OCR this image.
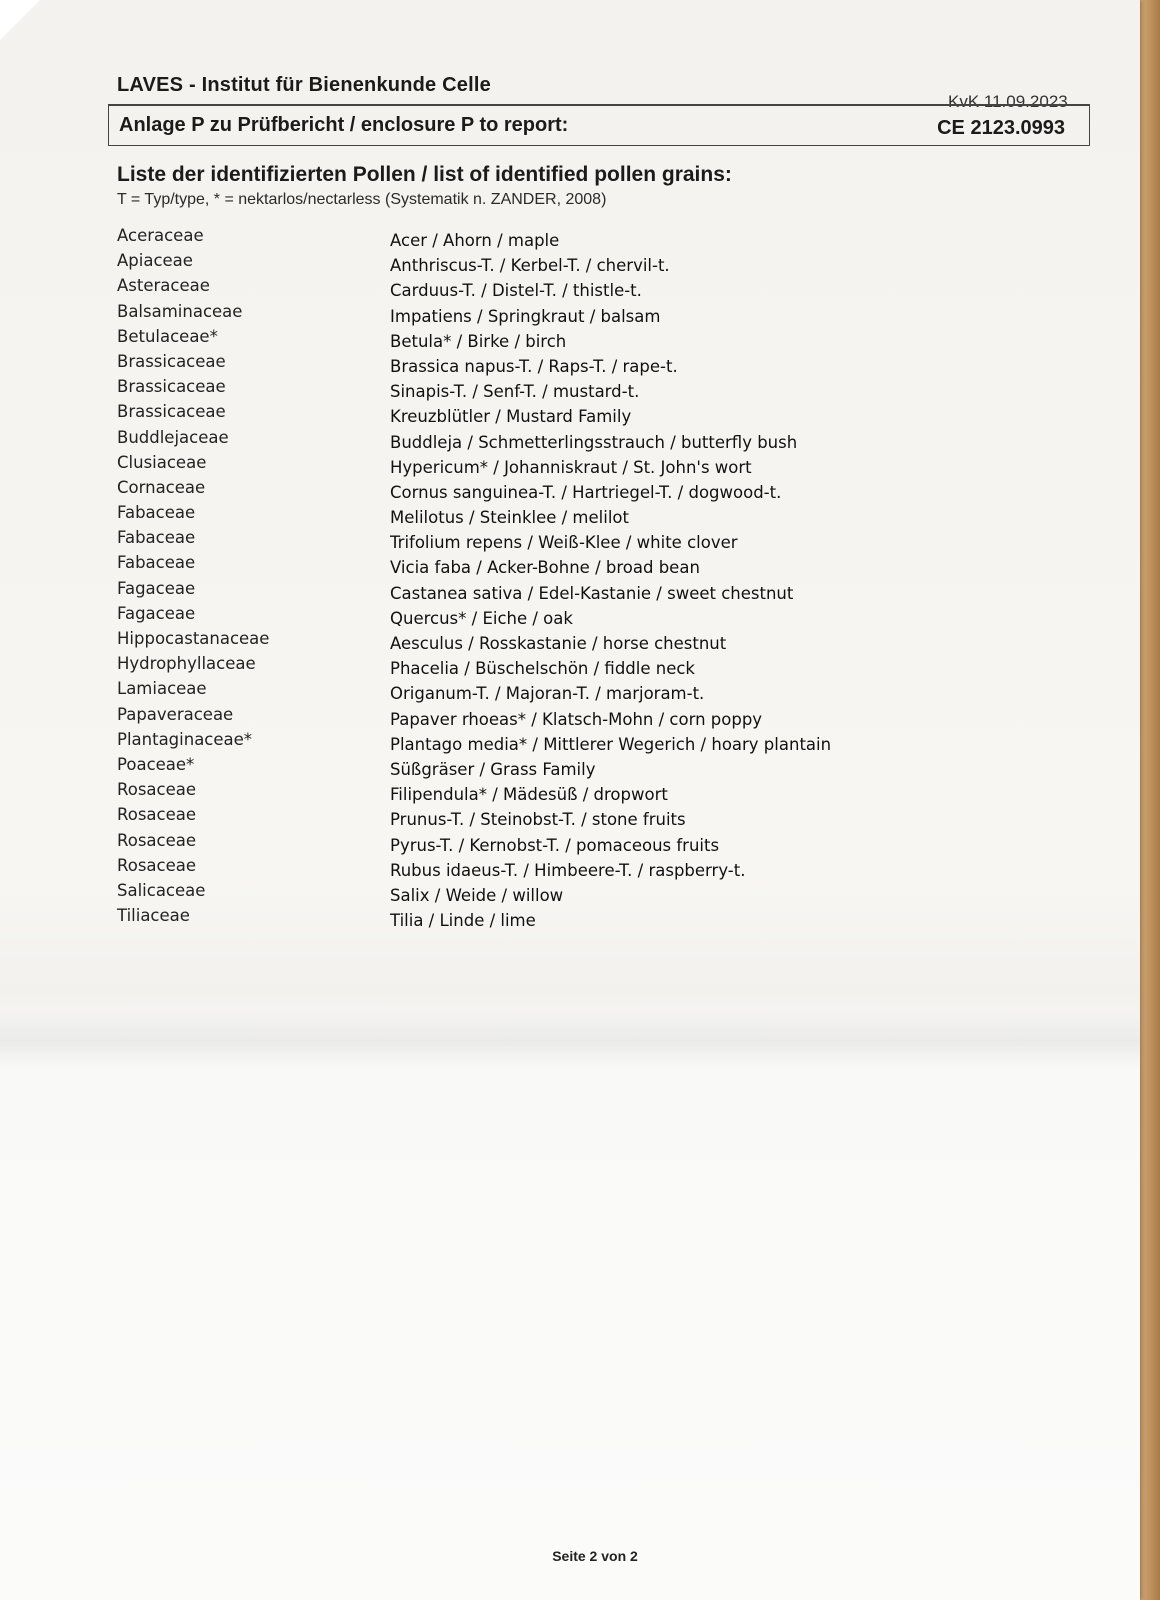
LAVES - Institut für Bienenkunde Celle
KvK 11.09.2023
Anlage P zu Prüfbericht / enclosure P to report:	CE 2123.0993
Liste der identifizierten Pollen / list of identified pollen grains:
T = Typ/type, * = nektarlos/nectarless (Systematik n. ZANDER, 2008)
Aceraceae	Acer / Ahorn / maple
Apiaceae	Anthriscus-T. / Kerbel-T. / chervil-t.
Asteraceae	Carduus-T. / Distel-T. / thistle-t.
Balsaminaceae	Impatiens / Springkraut / balsam
Betulaceae*	Betula* / Birke / birch
Brassicaceae	Brassica napus-T. / Raps-T. / rape-t.
Brassicaceae	Sinapis-T. / Senf-T. / mustard-t.
Brassicaceae	Kreuzblütler / Mustard Family
Buddlejaceae	Buddleja / Schmetterlingsstrauch / butterfly bush
Clusiaceae	Hypericum* / Johanniskraut / St. John's wort
Cornaceae	Cornus sanguinea-T. / Hartriegel-T. / dogwood-t.
Fabaceae	Melilotus / Steinklee / melilot
Fabaceae	Trifolium repens / Weiß-Klee / white clover
Fabaceae	Vicia faba / Acker-Bohne / broad bean
Fagaceae	Castanea sativa / Edel-Kastanie / sweet chestnut
Fagaceae	Quercus* / Eiche / oak
Hippocastanaceae	Aesculus / Rosskastanie / horse chestnut
Hydrophyllaceae	Phacelia / Büschelschön / fiddle neck
Lamiaceae	Origanum-T. / Majoran-T. / marjoram-t.
Papaveraceae	Papaver rhoeas* / Klatsch-Mohn / corn poppy
Plantaginaceae*	Plantago media* / Mittlerer Wegerich / hoary plantain
Poaceae*	Süßgräser / Grass Family
Rosaceae	Filipendula* / Mädesüß / dropwort
Rosaceae	Prunus-T. / Steinobst-T. / stone fruits
Rosaceae	Pyrus-T. / Kernobst-T. / pomaceous fruits
Rosaceae	Rubus idaeus-T. / Himbeere-T. / raspberry-t.
Salicaceae	Salix / Weide / willow
Tiliaceae	Tilia / Linde / lime
Seite 2 von 2
